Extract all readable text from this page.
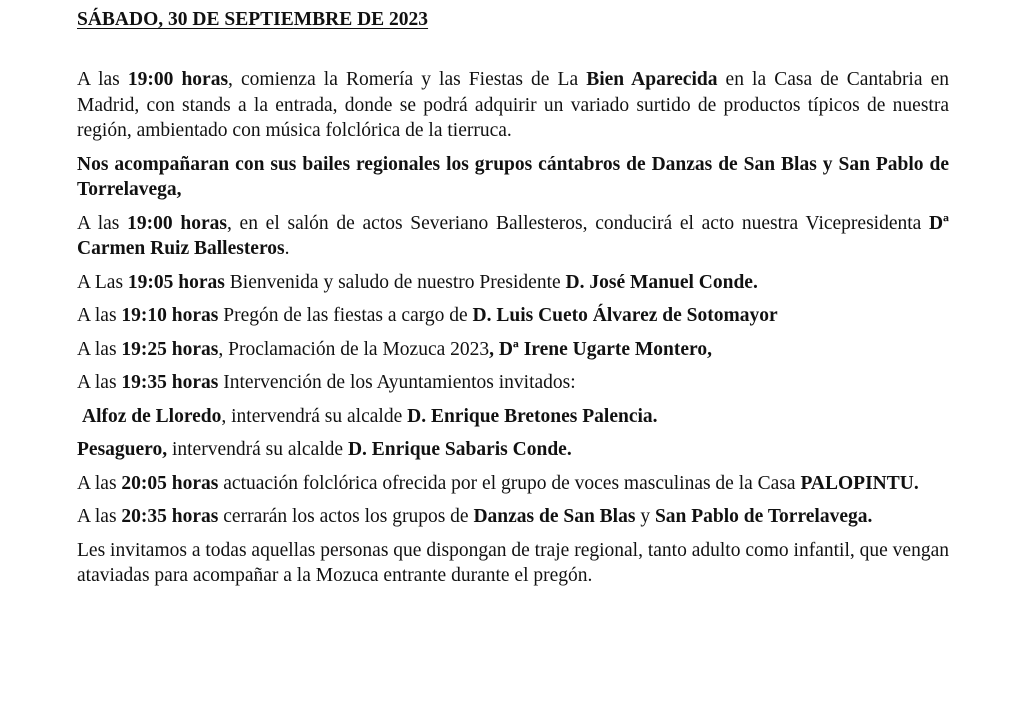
SÁBADO, 30 DE SEPTIEMBRE DE 2023

A las 19:00 horas, comienza la Romería y las Fiestas de La Bien Aparecida en la Casa de Cantabria en Madrid, con stands a la entrada, donde se podrá adquirir un variado surtido de productos típicos de nuestra región, ambientado con música folclórica de la tierruca.

Nos acompañaran con sus bailes regionales los grupos cántabros de Danzas de San Blas y San Pablo de Torrelavega,

A las 19:00 horas, en el salón de actos Severiano Ballesteros, conducirá el acto nuestra Vicepresidenta Dª Carmen Ruiz Ballesteros.

A Las 19:05 horas Bienvenida y saludo de nuestro Presidente D. José Manuel Conde.

A las 19:10 horas Pregón de las fiestas a cargo de D. Luis Cueto Álvarez de Sotomayor

A las 19:25 horas, Proclamación de la Mozuca 2023, Dª Irene Ugarte Montero,

A las 19:35 horas Intervención de los Ayuntamientos invitados:

Alfoz de Lloredo, intervendrá su alcalde D. Enrique Bretones Palencia.

Pesaguero, intervendrá su alcalde D. Enrique Sabaris Conde.

A las 20:05 horas actuación folclórica ofrecida por el grupo de voces masculinas de la Casa PALOPINTU.

A las 20:35 horas cerrarán los actos los grupos de Danzas de San Blas y San Pablo de Torrelavega.

Les invitamos a todas aquellas personas que dispongan de traje regional, tanto adulto como infantil, que vengan ataviadas para acompañar a la Mozuca entrante durante el pregón.
